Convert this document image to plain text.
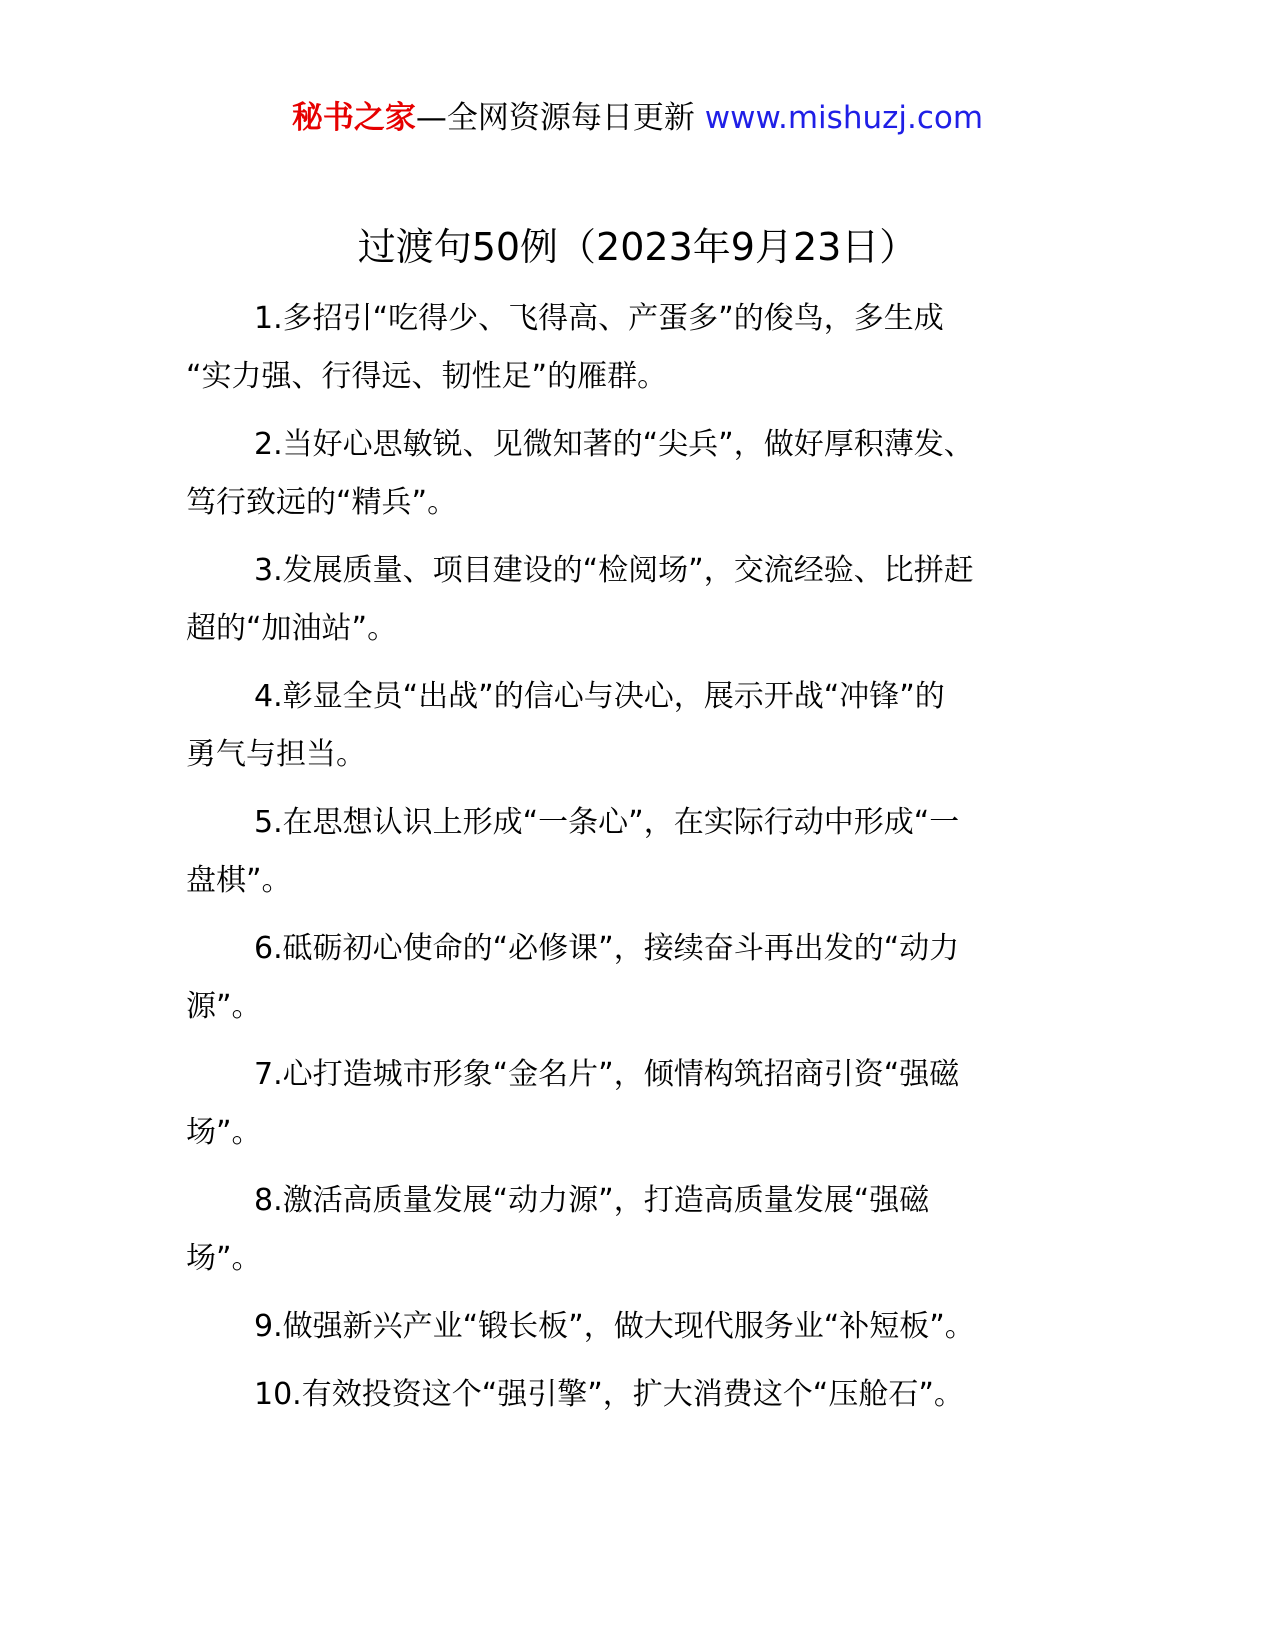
秘书之家—全网资源每日更新 www.mishuzj.com
过渡句50例（2023年9月23日）

1.多招引“吃得少、飞得高、产蛋多”的俊鸟，多生成
“实力强、行得远、韧性足”的雁群。

2.当好心思敏锐、见微知著的“尖兵”，做好厚积薄发、
笃行致远的“精兵”。

3.发展质量、项目建设的“检阅场”，交流经验、比拼赶
超的“加油站”。

4.彰显全员“出战”的信心与决心，展示开战“冲锋”的
勇气与担当。

5.在思想认识上形成“一条心”，在实际行动中形成“一
盘棋”。

6.砥砺初心使命的“必修课”，接续奋斗再出发的“动力
源”。

7.心打造城市形象“金名片”，倾情构筑招商引资“强磁
场”。

8.激活高质量发展“动力源”，打造高质量发展“强磁
场”。

9.做强新兴产业“锻长板”，做大现代服务业“补短板”。

10.有效投资这个“强引擎”，扩大消费这个“压舱石”。
